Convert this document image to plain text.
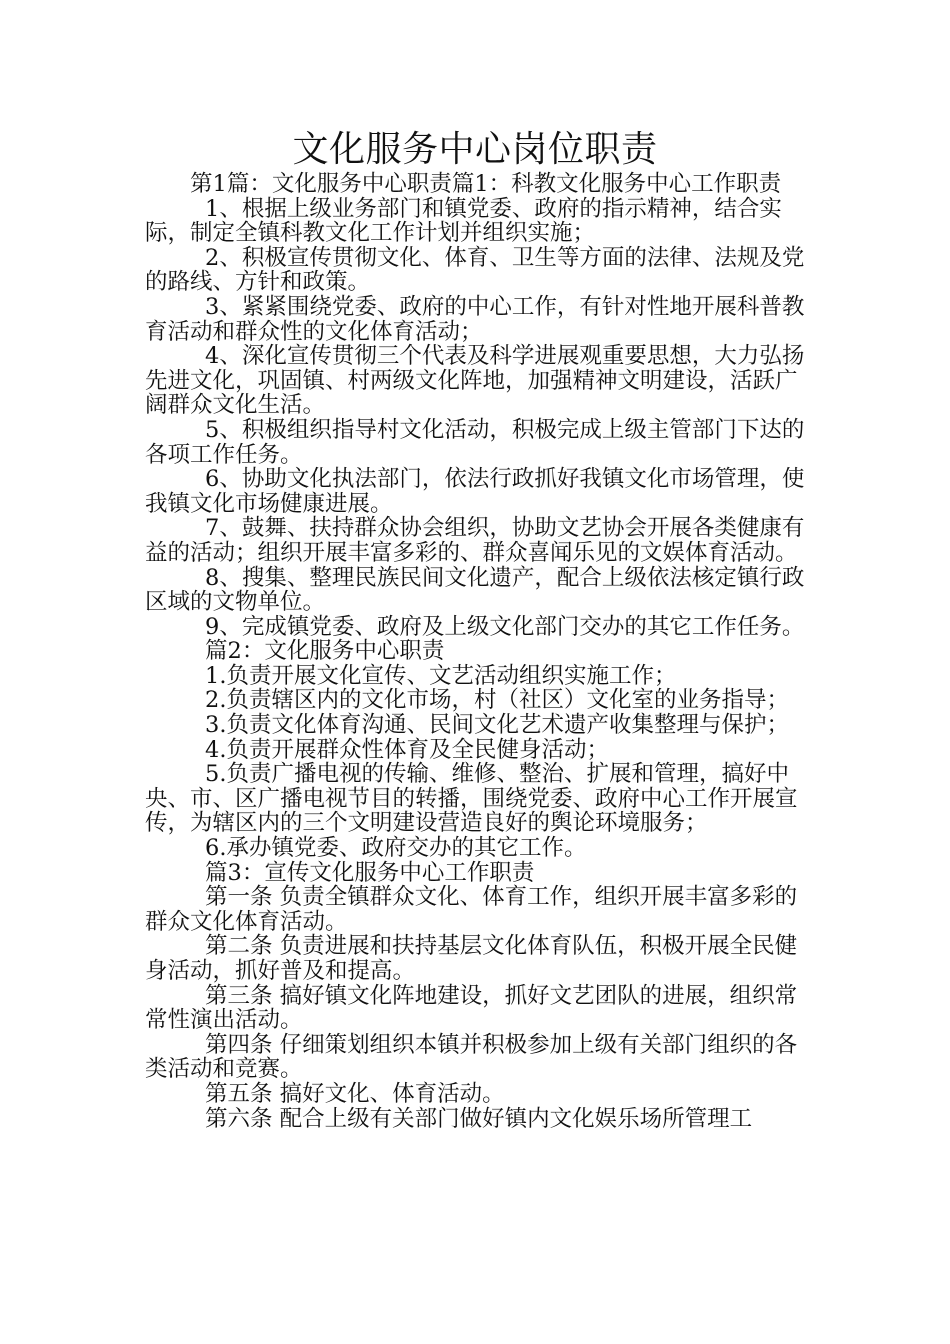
文化服务中心岗位职责

第1篇：文化服务中心职责篇1：科教文化服务中心工作职责

1、根据上级业务部门和镇党委、政府的指示精神，结合实际，制定全镇科教文化工作计划并组织实施；

2、积极宣传贯彻文化、体育、卫生等方面的法律、法规及党的路线、方针和政策。

3、紧紧围绕党委、政府的中心工作，有针对性地开展科普教育活动和群众性的文化体育活动；

4、深化宣传贯彻三个代表及科学进展观重要思想，大力弘扬先进文化，巩固镇、村两级文化阵地，加强精神文明建设，活跃广阔群众文化生活。

5、积极组织指导村文化活动，积极完成上级主管部门下达的各项工作任务。

6、协助文化执法部门，依法行政抓好我镇文化市场管理，使我镇文化市场健康进展。

7、鼓舞、扶持群众协会组织，协助文艺协会开展各类健康有益的活动；组织开展丰富多彩的、群众喜闻乐见的文娱体育活动。

8、搜集、整理民族民间文化遗产，配合上级依法核定镇行政区域的文物单位。

9、完成镇党委、政府及上级文化部门交办的其它工作任务。

篇2：文化服务中心职责

1.负责开展文化宣传、文艺活动组织实施工作；

2.负责辖区内的文化市场，村（社区）文化室的业务指导；

3.负责文化体育沟通、民间文化艺术遗产收集整理与保护；

4.负责开展群众性体育及全民健身活动；

5.负责广播电视的传输、维修、整治、扩展和管理，搞好中央、市、区广播电视节目的转播，围绕党委、政府中心工作开展宣传，为辖区内的三个文明建设营造良好的舆论环境服务；

6.承办镇党委、政府交办的其它工作。

篇3：宣传文化服务中心工作职责

第一条 负责全镇群众文化、体育工作，组织开展丰富多彩的群众文化体育活动。

第二条 负责进展和扶持基层文化体育队伍，积极开展全民健身活动，抓好普及和提高。

第三条 搞好镇文化阵地建设，抓好文艺团队的进展，组织常常性演出活动。

第四条 仔细策划组织本镇并积极参加上级有关部门组织的各类活动和竞赛。

第五条 搞好文化、体育活动。

第六条 配合上级有关部门做好镇内文化娱乐场所管理工
